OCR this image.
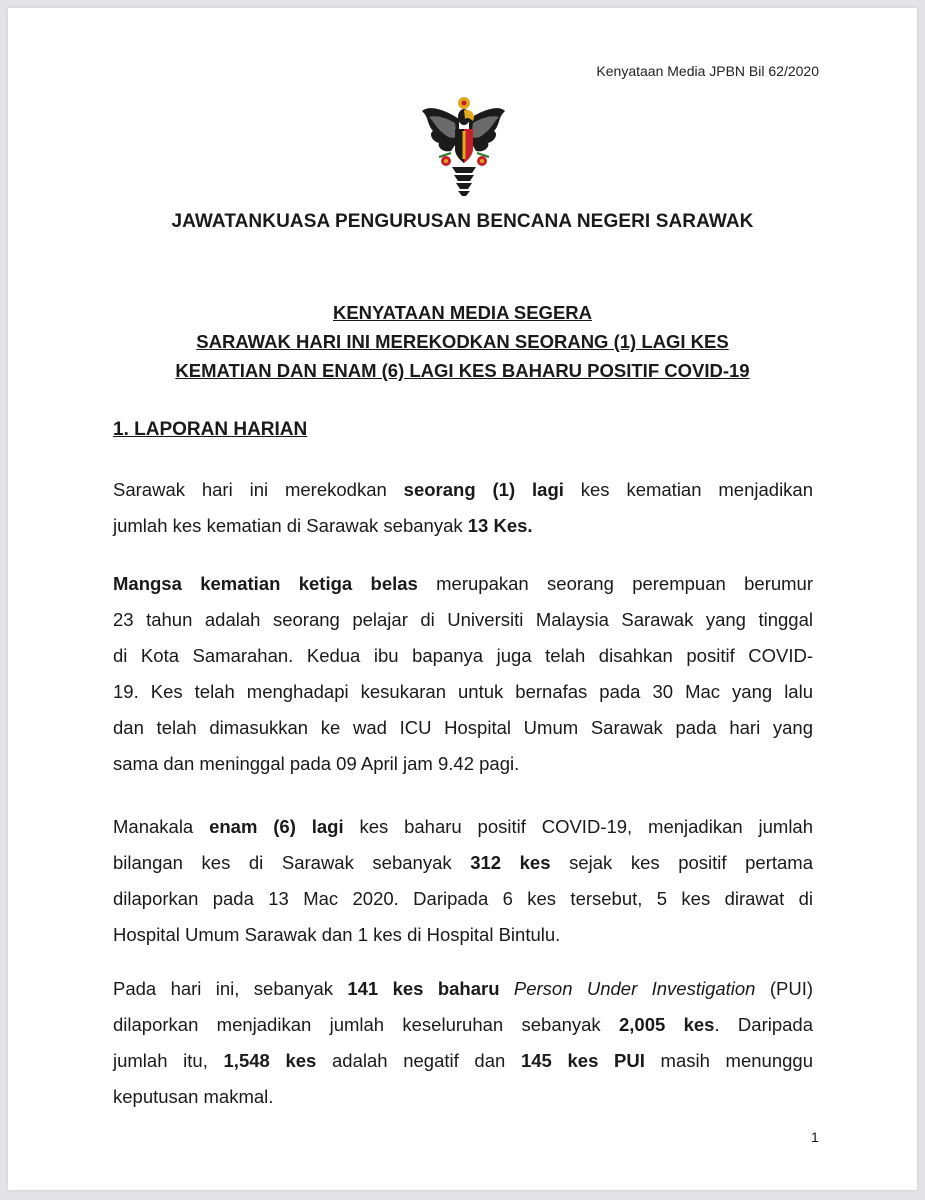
Kenyataan Media JPBN Bil 62/2020
JAWATANKUASA PENGURUSAN BENCANA NEGERI SARAWAK
KENYATAAN MEDIA SEGERA
SARAWAK HARI INI MEREKODKAN SEORANG (1) LAGI KES
KEMATIAN DAN ENAM (6) LAGI KES BAHARU POSITIF COVID-19
1. LAPORAN HARIAN
Sarawak hari ini merekodkan seorang (1) lagi kes kematian menjadikan
jumlah kes kematian di Sarawak sebanyak 13 Kes.
Mangsa kematian ketiga belas merupakan seorang perempuan berumur
23 tahun adalah seorang pelajar di Universiti Malaysia Sarawak yang tinggal
di Kota Samarahan. Kedua ibu bapanya juga telah disahkan positif COVID-
19. Kes telah menghadapi kesukaran untuk bernafas pada 30 Mac yang lalu
dan telah dimasukkan ke wad ICU Hospital Umum Sarawak pada hari yang
sama dan meninggal pada 09 April jam 9.42 pagi.
Manakala enam (6) lagi kes baharu positif COVID-19, menjadikan jumlah
bilangan kes di Sarawak sebanyak 312 kes sejak kes positif pertama
dilaporkan pada 13 Mac 2020. Daripada 6 kes tersebut, 5 kes dirawat di
Hospital Umum Sarawak dan 1 kes di Hospital Bintulu.
Pada hari ini, sebanyak 141 kes baharu Person Under Investigation (PUI)
dilaporkan menjadikan jumlah keseluruhan sebanyak 2,005 kes. Daripada
jumlah itu, 1,548 kes adalah negatif dan 145 kes PUI masih menunggu
keputusan makmal.
1
